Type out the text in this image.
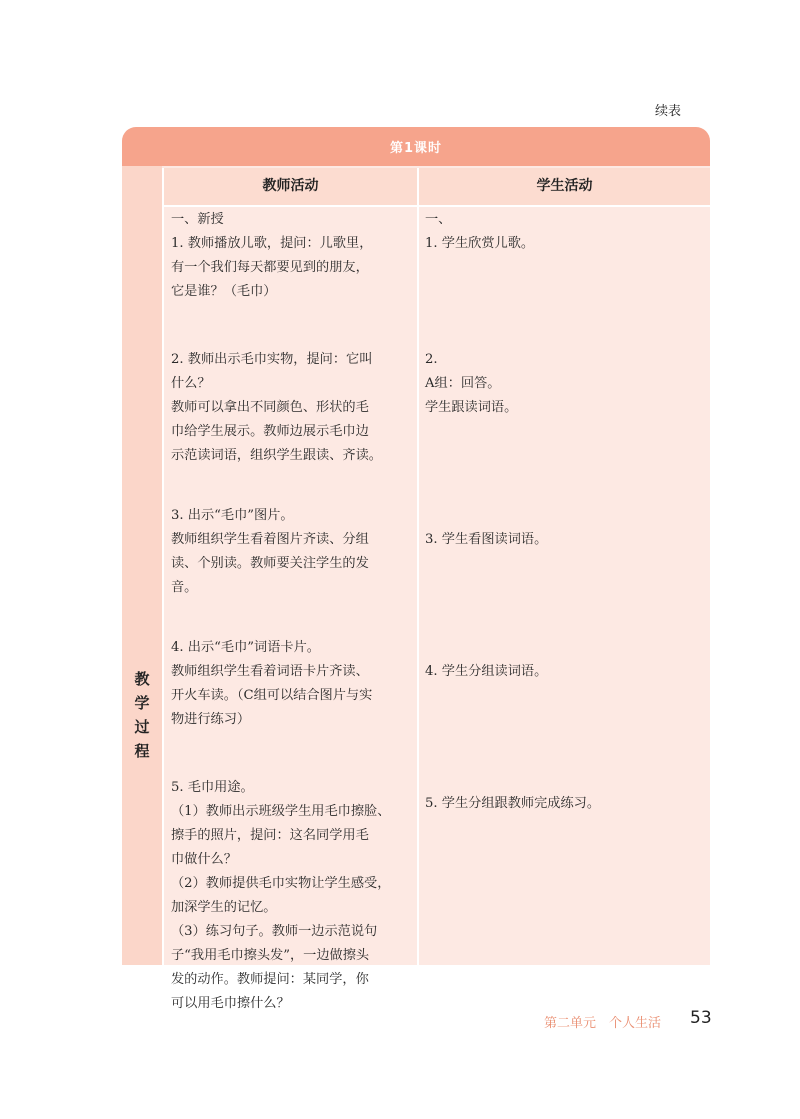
续表
第1课时
教
学
过
程
教师活动	学生活动
一、新授
1. 教师播放儿歌，提问：儿歌里，
有一个我们每天都要见到的朋友，
它是谁？（毛巾）
2. 教师出示毛巾实物，提问：它叫
什么？
教师可以拿出不同颜色、形状的毛
巾给学生展示。教师边展示毛巾边
示范读词语，组织学生跟读、齐读。
3. 出示“毛巾”图片。
教师组织学生看着图片齐读、分组
读、个别读。教师要关注学生的发
音。
4. 出示“毛巾”词语卡片。
教师组织学生看着词语卡片齐读、
开火车读。（C组可以结合图片与实
物进行练习）
5. 毛巾用途。
（1）教师出示班级学生用毛巾擦脸、
擦手的照片，提问：这名同学用毛
巾做什么？
（2）教师提供毛巾实物让学生感受，
加深学生的记忆。
（3）练习句子。教师一边示范说句
子“我用毛巾擦头发”，一边做擦头
发的动作。教师提问：某同学，你
可以用毛巾擦什么？
一、
1. 学生欣赏儿歌。
2.
A组：回答。
学生跟读词语。
3. 学生看图读词语。
4. 学生分组读词语。
5. 学生分组跟教师完成练习。
第二单元　个人生活 53
